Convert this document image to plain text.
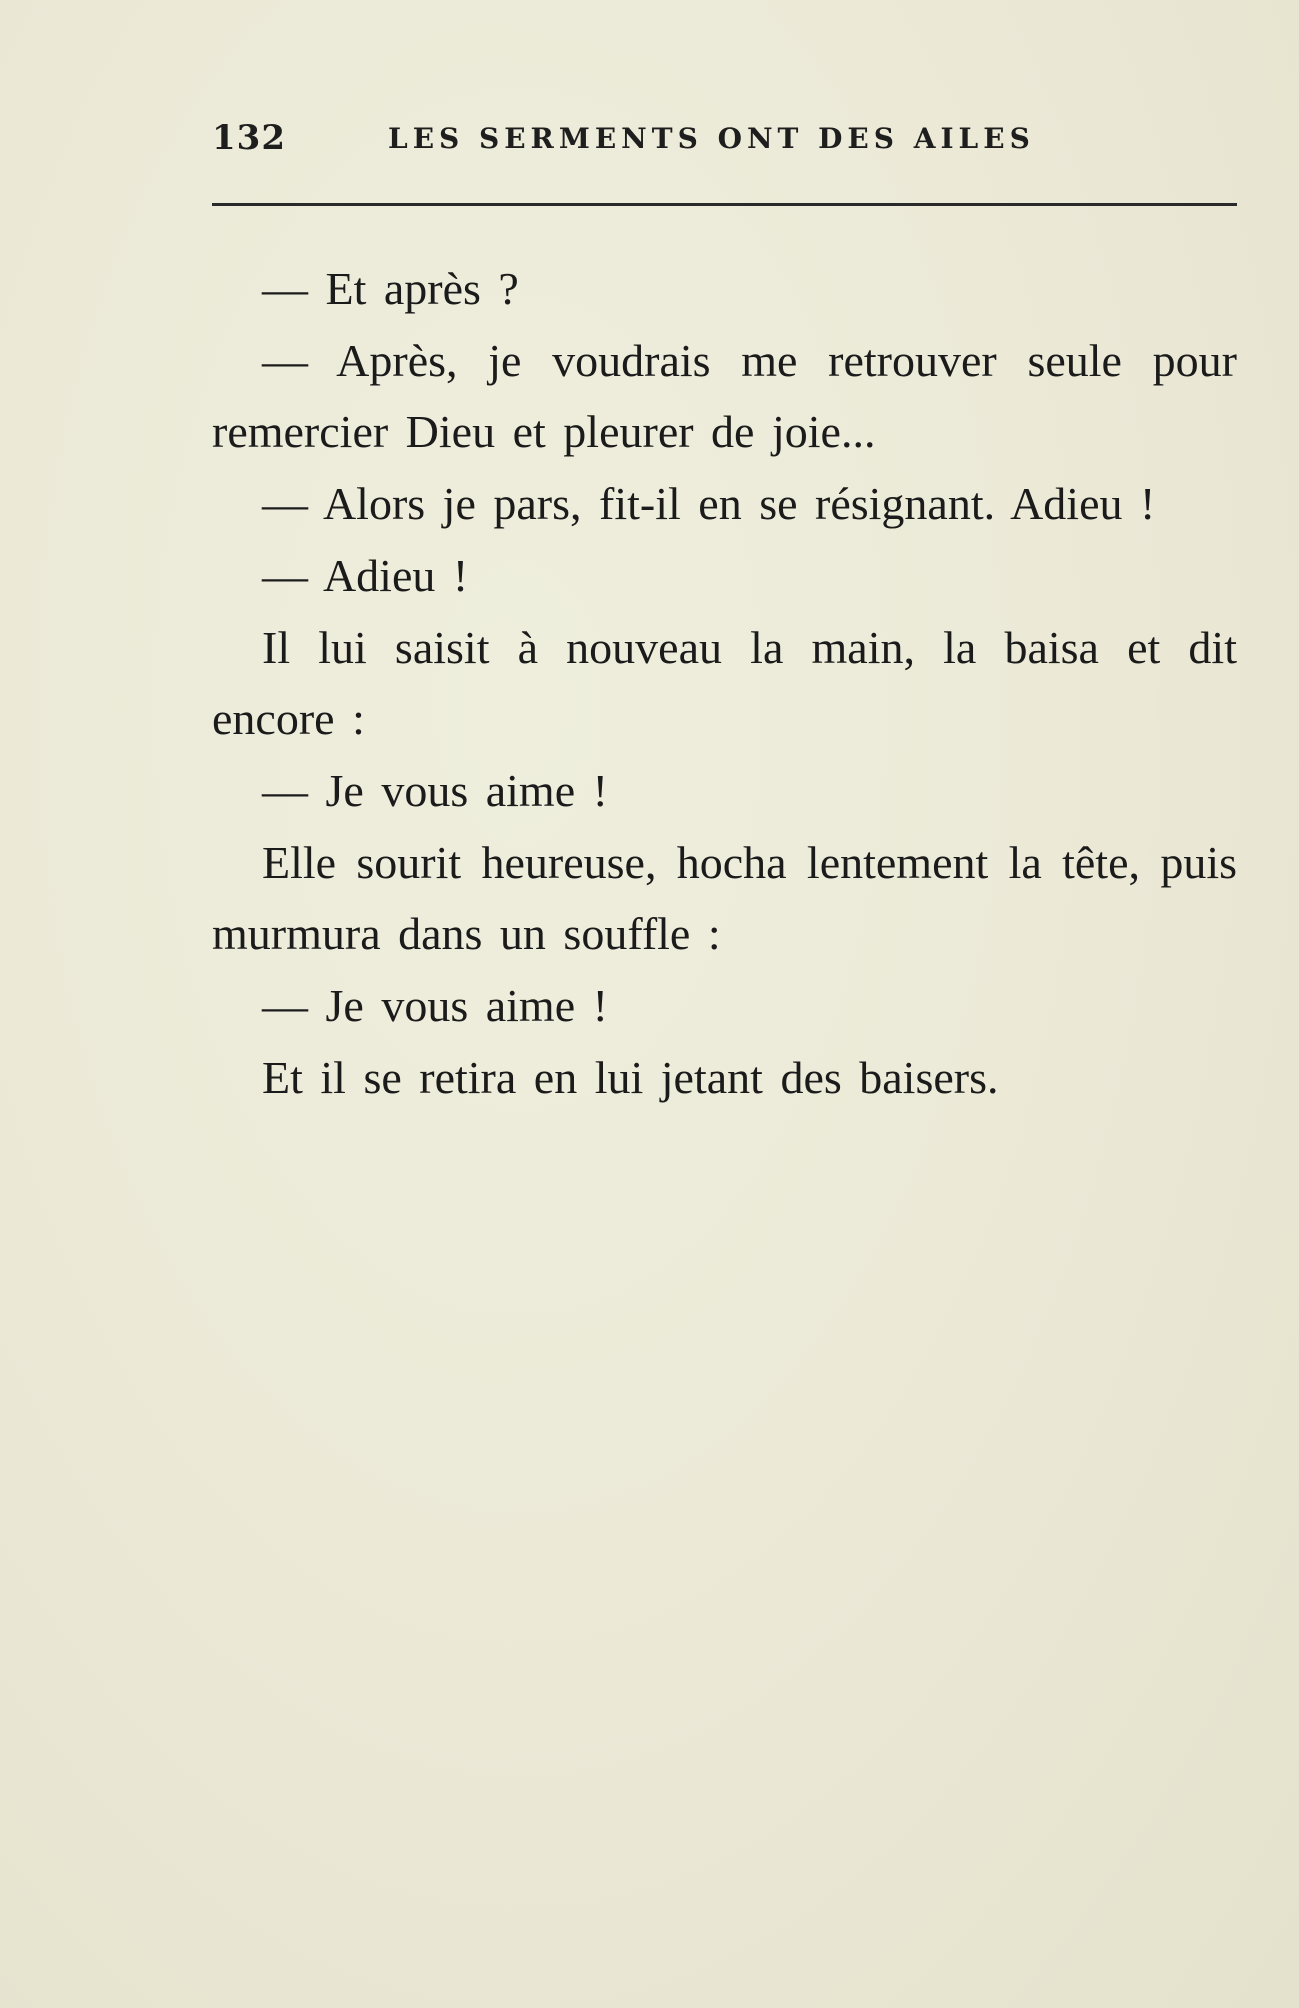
132	LES SERMENTS ONT DES AILES

— Et après ?

— Après, je voudrais me retrouver seule pour remercier Dieu et pleurer de joie...

— Alors je pars, fit-il en se résignant. Adieu !

— Adieu !

Il lui saisit à nouveau la main, la baisa et dit encore :

— Je vous aime !

Elle sourit heureuse, hocha lentement la tête, puis murmura dans un souffle :

— Je vous aime !

Et il se retira en lui jetant des baisers.
